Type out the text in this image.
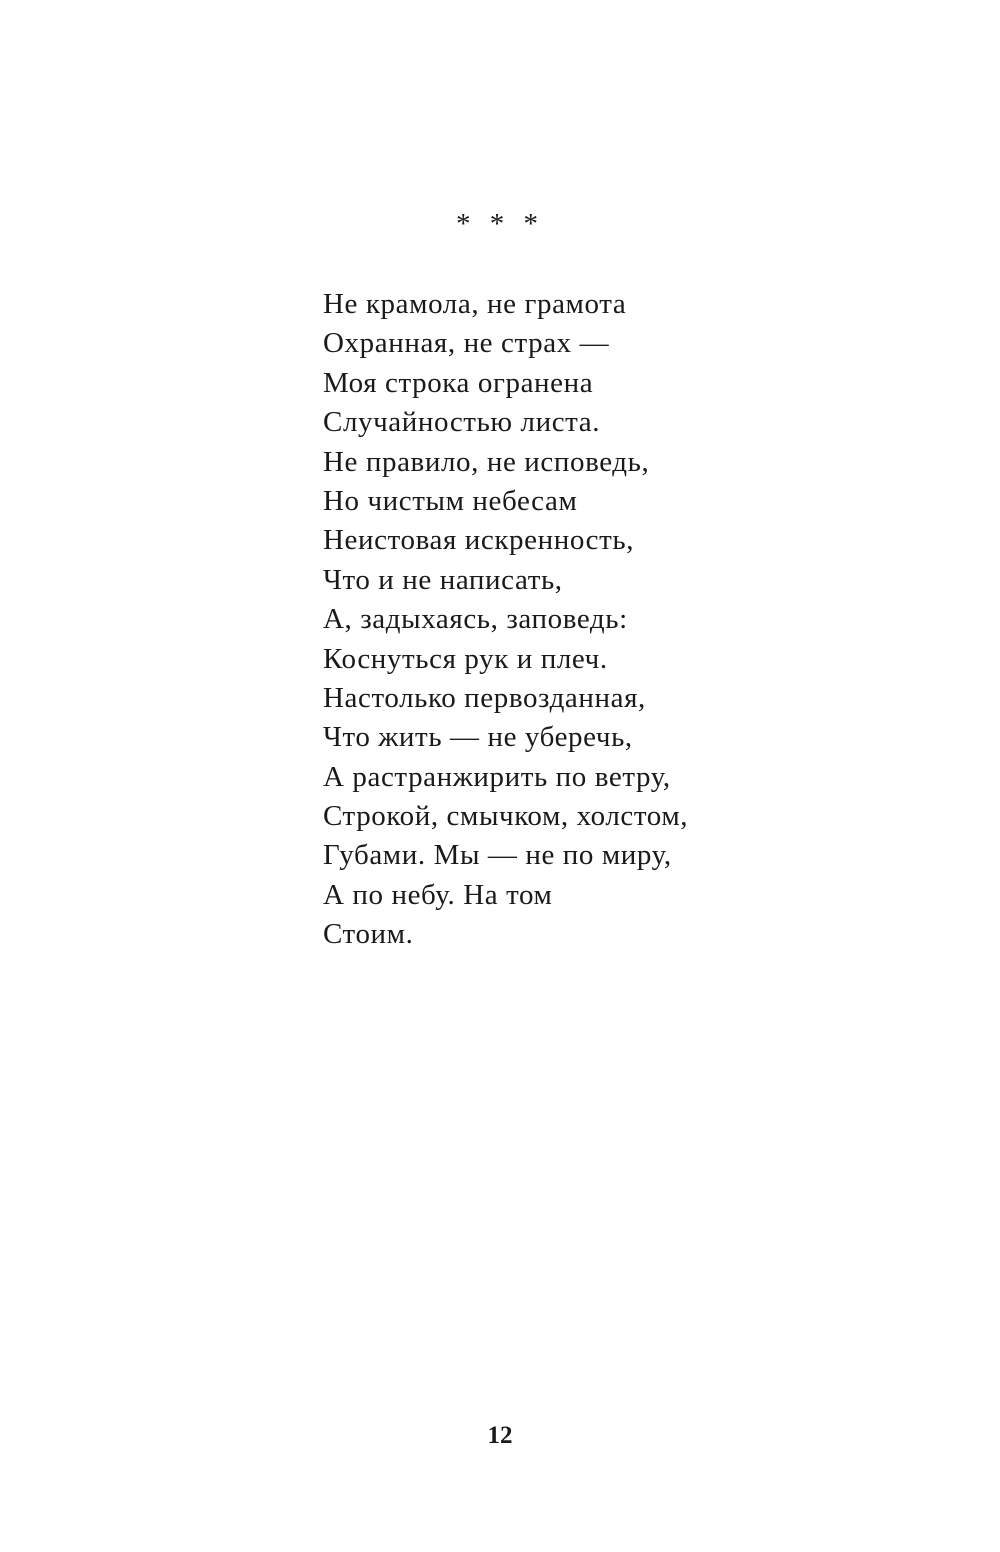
* * *
Не крамола, не грамота
Охранная, не страх —
Моя строка огранена
Случайностью листа.
Не правило, не исповедь,
Но чистым небесам
Неистовая искренность,
Что и не написать,
А, задыхаясь, заповедь:
Коснуться рук и плеч.
Настолько первозданная,
Что жить — не уберечь,
А растранжирить по ветру,
Строкой, смычком, холстом,
Губами. Мы — не по миру,
А по небу. На том
Стоим.
12
